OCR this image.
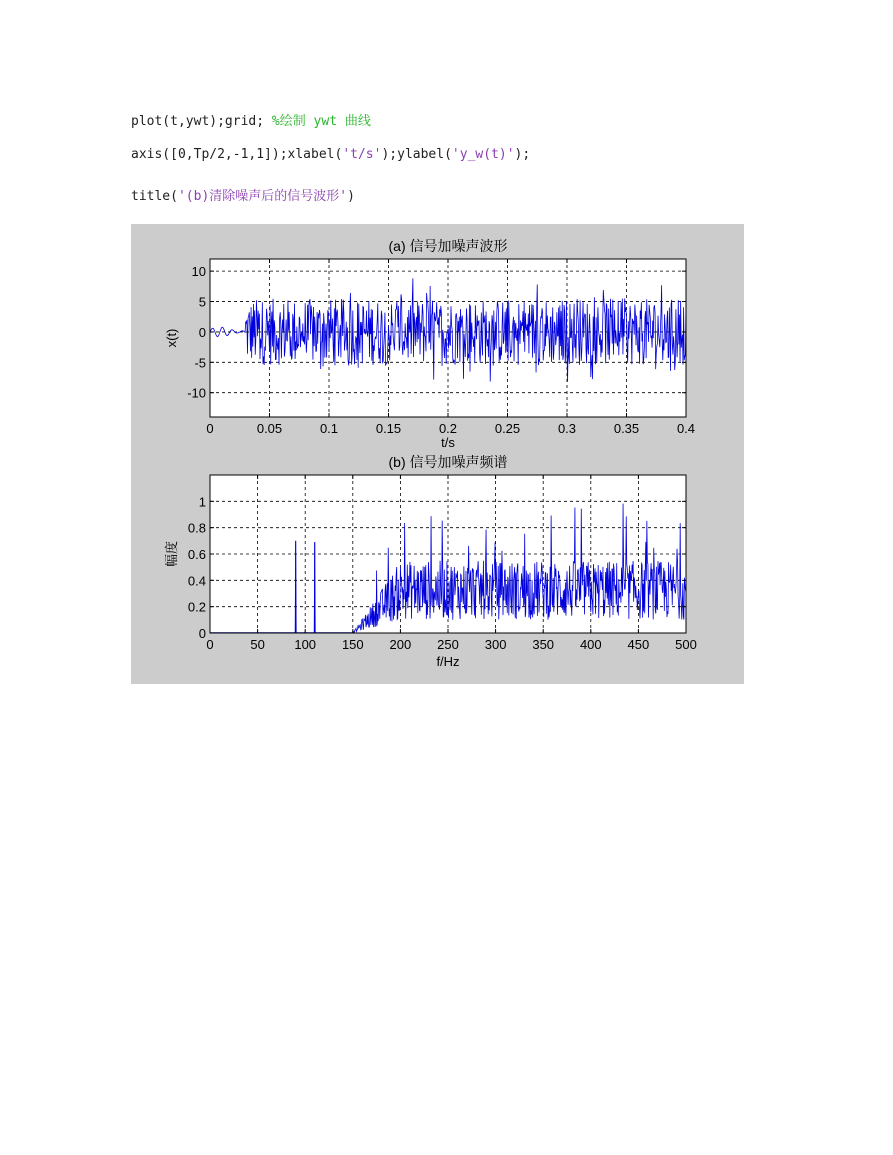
plot(t,ywt);grid; %绘制 ywt 曲线
axis([0,Tp/2,-1,1]);xlabel('t/s');ylabel('y_w(t)');
title('(b)清除噪声后的信号波形')
0	0.05	0.1	0.15	0.2	0.25	0.3	0.35	0.4
-10
-5
0
5
10
(a) 信号加噪声波形
t/s
x(t)
0	50 100 150 200 250 300 350 400 450 500
0
0.2
0.4
0.6
0.8
1
(b) 信号加噪声频谱
f/Hz
幅度
